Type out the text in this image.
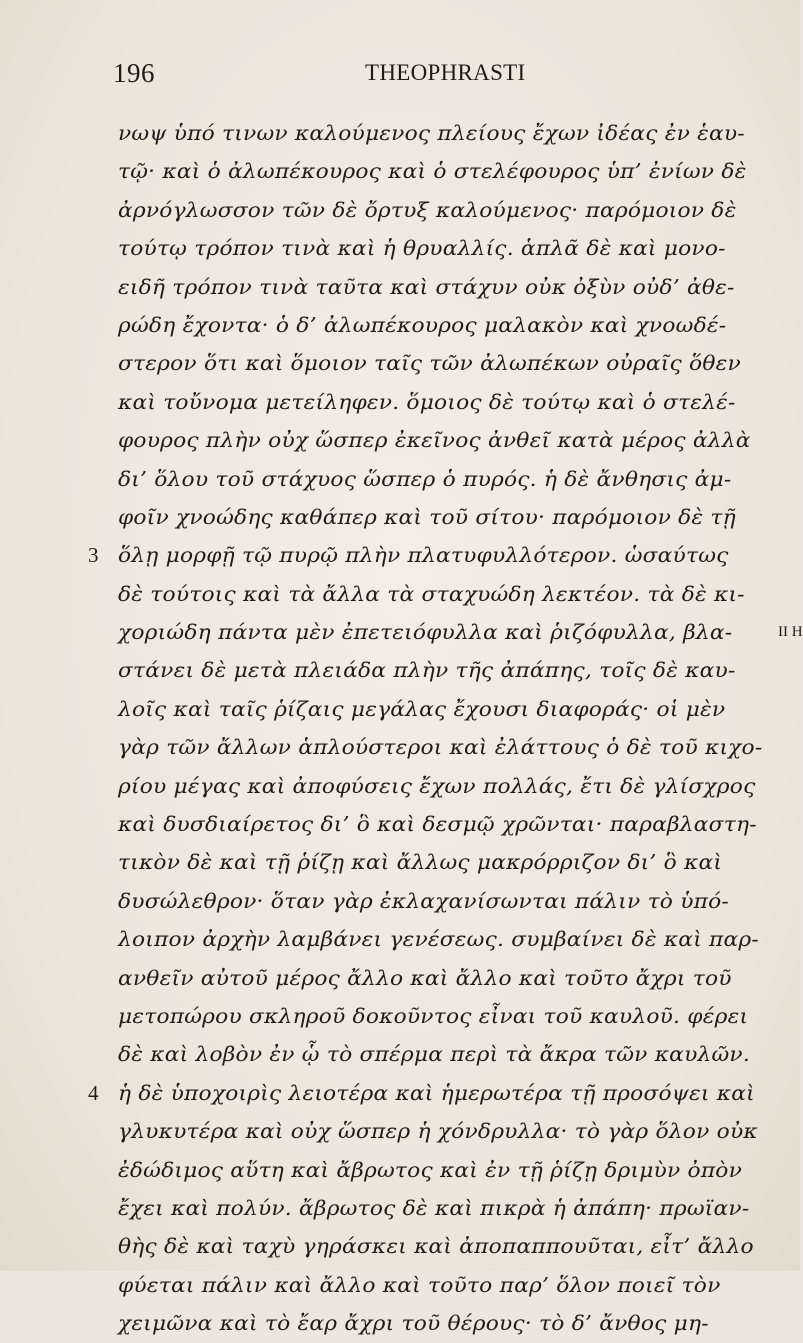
196	THEOPHRASTI
νωψ ὑπό τινων καλούμενος πλείους ἔχων ἰδέας ἐν ἑαυ-
τῷ· καὶ ὁ ἀλωπέκουρος καὶ ὁ στελέφουρος ὑπ’ ἐνίων δὲ
ἀρνόγλωσσον τῶν δὲ ὄρτυξ καλούμενος· παρόμοιον δὲ
τούτῳ τρόπον τινὰ καὶ ἡ θρυαλλίς. ἁπλᾶ δὲ καὶ μονο-
ειδῆ τρόπον τινὰ ταῦτα καὶ στάχυν οὐκ ὀξὺν οὐδ’ ἀθε-
ρώδη ἔχοντα· ὁ δ’ ἀλωπέκουρος μαλακὸν καὶ χνοωδέ-
στερον ὅτι καὶ ὅμοιον ταῖς τῶν ἀλωπέκων οὐραῖς ὅθεν
καὶ τοὔνομα μετείληφεν. ὅμοιος δὲ τούτῳ καὶ ὁ στελέ-
φουρος πλὴν οὐχ ὥσπερ ἐκεῖνος ἀνθεῖ κατὰ μέρος ἀλλὰ
δι’ ὅλου τοῦ στάχυος ὥσπερ ὁ πυρός. ἡ δὲ ἄνθησις ἀμ-
φοῖν χνοώδης καθάπερ καὶ τοῦ σίτου· παρόμοιον δὲ τῇ
3 ὅλῃ μορφῇ τῷ πυρῷ πλὴν πλατυφυλλότερον. ὡσαύτως
δὲ τούτοις καὶ τὰ ἄλλα τὰ σταχυώδη λεκτέον. τὰ δὲ κι-
χοριώδη πάντα μὲν ἐπετειόφυλλα καὶ ῥιζόφυλλα, βλα-	II H
στάνει δὲ μετὰ πλειάδα πλὴν τῆς ἀπάπης, τοῖς δὲ καυ-
λοῖς καὶ ταῖς ῥίζαις μεγάλας ἔχουσι διαφοράς· οἱ μὲν
γὰρ τῶν ἄλλων ἁπλούστεροι καὶ ἐλάττους ὁ δὲ τοῦ κιχο-
ρίου μέγας καὶ ἀποφύσεις ἔχων πολλάς, ἔτι δὲ γλίσχρος
καὶ δυσδιαίρετος δι’ ὃ καὶ δεσμῷ χρῶνται· παραβλαστη-
τικὸν δὲ καὶ τῇ ῥίζῃ καὶ ἄλλως μακρόρριζον δι’ ὃ καὶ
δυσώλεθρον· ὅταν γὰρ ἐκλαχανίσωνται πάλιν τὸ ὑπό-
λοιπον ἀρχὴν λαμβάνει γενέσεως. συμβαίνει δὲ καὶ παρ-
ανθεῖν αὐτοῦ μέρος ἄλλο καὶ ἄλλο καὶ τοῦτο ἄχρι τοῦ
μετοπώρου σκληροῦ δοκοῦντος εἶναι τοῦ καυλοῦ. φέρει
δὲ καὶ λοβὸν ἐν ᾧ τὸ σπέρμα περὶ τὰ ἄκρα τῶν καυλῶν.
4 ἡ δὲ ὑποχοιρὶς λειοτέρα καὶ ἡμερωτέρα τῇ προσόψει καὶ
γλυκυτέρα καὶ οὐχ ὥσπερ ἡ χόνδρυλλα· τὸ γὰρ ὅλον οὐκ
ἐδώδιμος αὕτη καὶ ἄβρωτος καὶ ἐν τῇ ῥίζῃ δριμὺν ὀπὸν
ἔχει καὶ πολύν. ἄβρωτος δὲ καὶ πικρὰ ἡ ἀπάπη· πρωϊαν-
θὴς δὲ καὶ ταχὺ γηράσκει καὶ ἀποπαππουῦται, εἶτ’ ἄλλο
φύεται πάλιν καὶ ἄλλο καὶ τοῦτο παρ’ ὅλον ποιεῖ τὸν
χειμῶνα καὶ τὸ ἔαρ ἄχρι τοῦ θέρους· τὸ δ’ ἄνθος μη-
